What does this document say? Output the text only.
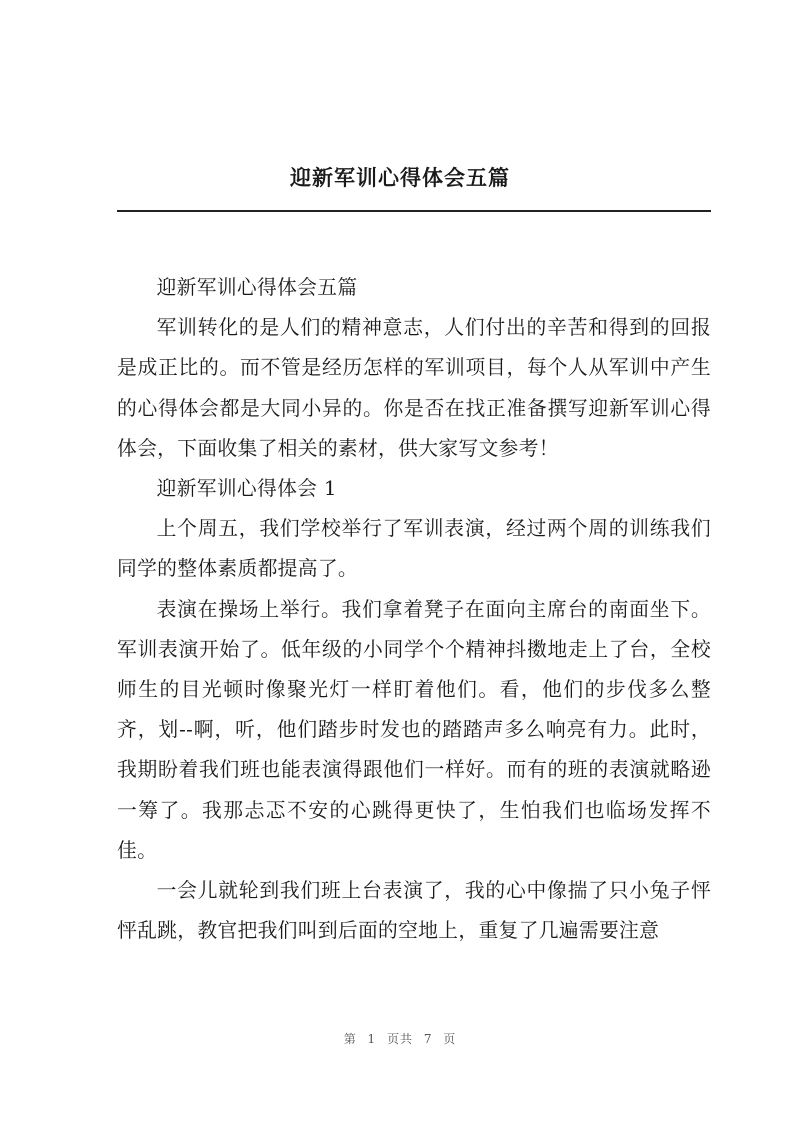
迎新军训心得体会五篇

迎新军训心得体会五篇

军训转化的是人们的精神意志，人们付出的辛苦和得到的回报是成正比的。而不管是经历怎样的军训项目，每个人从军训中产生的心得体会都是大同小异的。你是否在找正准备撰写迎新军训心得体会，下面收集了相关的素材，供大家写文参考！

迎新军训心得体会 1

上个周五，我们学校举行了军训表演，经过两个周的训练我们同学的整体素质都提高了。

表演在操场上举行。我们拿着凳子在面向主席台的南面坐下。军训表演开始了。低年级的小同学个个精神抖擞地走上了台，全校师生的目光顿时像聚光灯一样盯着他们。看，他们的步伐多么整齐，划--啊，听，他们踏步时发也的踏踏声多么响亮有力。此时，我期盼着我们班也能表演得跟他们一样好。而有的班的表演就略逊一筹了。我那忐忑不安的心跳得更快了，生怕我们也临场发挥不佳。

一会儿就轮到我们班上台表演了，我的心中像揣了只小兔子怦怦乱跳，教官把我们叫到后面的空地上，重复了几遍需要注意

第 1 页共 7 页
